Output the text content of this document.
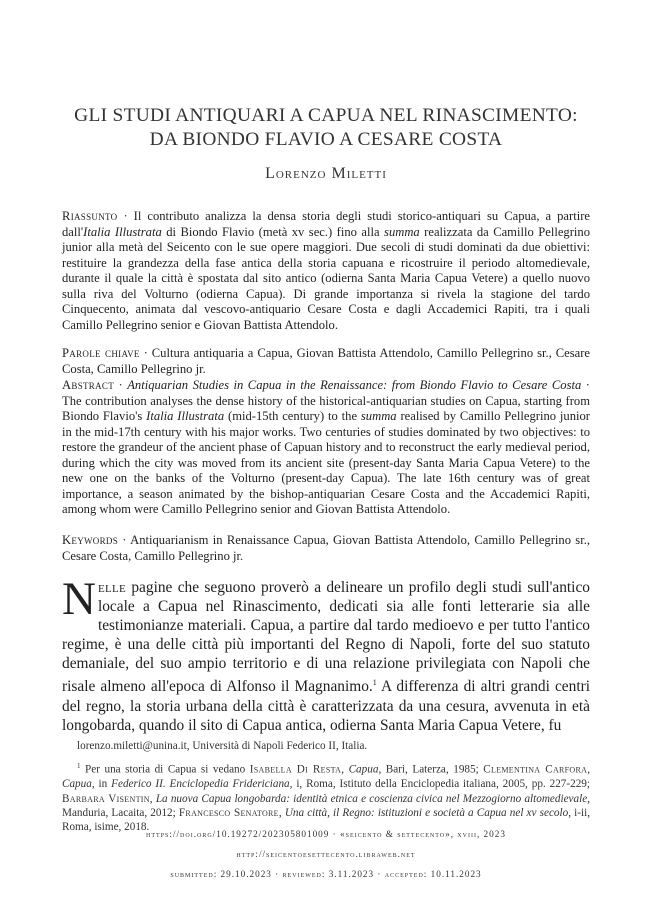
GLI STUDI ANTIQUARI A CAPUA NEL RINASCIMENTO:
DA BIONDO FLAVIO A CESARE COSTA
Lorenzo Miletti
Riassunto · Il contributo analizza la densa storia degli studi storico-antiquari su Capua, a partire dall'Italia Illustrata di Biondo Flavio (metà xv sec.) fino alla summa realizzata da Camillo Pellegrino junior alla metà del Seicento con le sue opere maggiori. Due secoli di studi dominati da due obiettivi: restituire la grandezza della fase antica della storia capuana e ricostruire il periodo altomedievale, durante il quale la città è spostata dal sito antico (odierna Santa Maria Capua Vetere) a quello nuovo sulla riva del Volturno (odierna Capua). Di grande importanza si rivela la stagione del tardo Cinquecento, animata dal vescovo-antiquario Cesare Costa e dagli Accademici Rapiti, tra i quali Camillo Pellegrino senior e Giovan Battista Attendolo.
Parole chiave · Cultura antiquaria a Capua, Giovan Battista Attendolo, Camillo Pellegrino sr., Cesare Costa, Camillo Pellegrino jr.
Abstract · Antiquarian Studies in Capua in the Renaissance: from Biondo Flavio to Cesare Costa · The contribution analyses the dense history of the historical-antiquarian studies on Capua, starting from Biondo Flavio's Italia Illustrata (mid-15th century) to the summa realised by Camillo Pellegrino junior in the mid-17th century with his major works. Two centuries of studies dominated by two objectives: to restore the grandeur of the ancient phase of Capuan history and to reconstruct the early medieval period, during which the city was moved from its ancient site (present-day Santa Maria Capua Vetere) to the new one on the banks of the Volturno (present-day Capua). The late 16th century was of great importance, a season animated by the bishop-antiquarian Cesare Costa and the Accademici Rapiti, among whom were Camillo Pellegrino senior and Giovan Battista Attendolo.
Keywords · Antiquarianism in Renaissance Capua, Giovan Battista Attendolo, Camillo Pellegrino sr., Cesare Costa, Camillo Pellegrino jr.
Nelle pagine che seguono proverò a delineare un profilo degli studi sull'antico locale a Capua nel Rinascimento, dedicati sia alle fonti letterarie sia alle testimonianze materiali. Capua, a partire dal tardo medioevo e per tutto l'antico regime, è una delle città più importanti del Regno di Napoli, forte del suo statuto demaniale, del suo ampio territorio e di una relazione privilegiata con Napoli che risale almeno all'epoca di Alfonso il Magnanimo.$^1$ A differenza di altri grandi centri del regno, la storia urbana della città è caratterizzata da una cesura, avvenuta in età longobarda, quando il sito di Capua antica, odierna Santa Maria Capua Vetere, fu
lorenzo.miletti@unina.it, Università di Napoli Federico II, Italia.
$^1$ Per una storia di Capua si vedano Isabella Di Resta, Capua, Bari, Laterza, 1985; Clementina Carfora, Capua, in Federico II. Enciclopedia Fridericiana, i, Roma, Istituto della Enciclopedia italiana, 2005, pp. 227-229; Barbara Visentin, La nuova Capua longobarda: identità etnica e coscienza civica nel Mezzogiorno altomedievale, Manduria, Lacaita, 2012; Francesco Senatore, Una città, il Regno: istituzioni e società a Capua nel xv secolo, i-ii, Roma, isime, 2018.
https://doi.org/10.19272/202305801009 · «seicento & settecento», xviii, 2023
http://seicentoesettecento.libraweb.net
submitted: 29.10.2023 · reviewed: 3.11.2023 · accepted: 10.11.2023
